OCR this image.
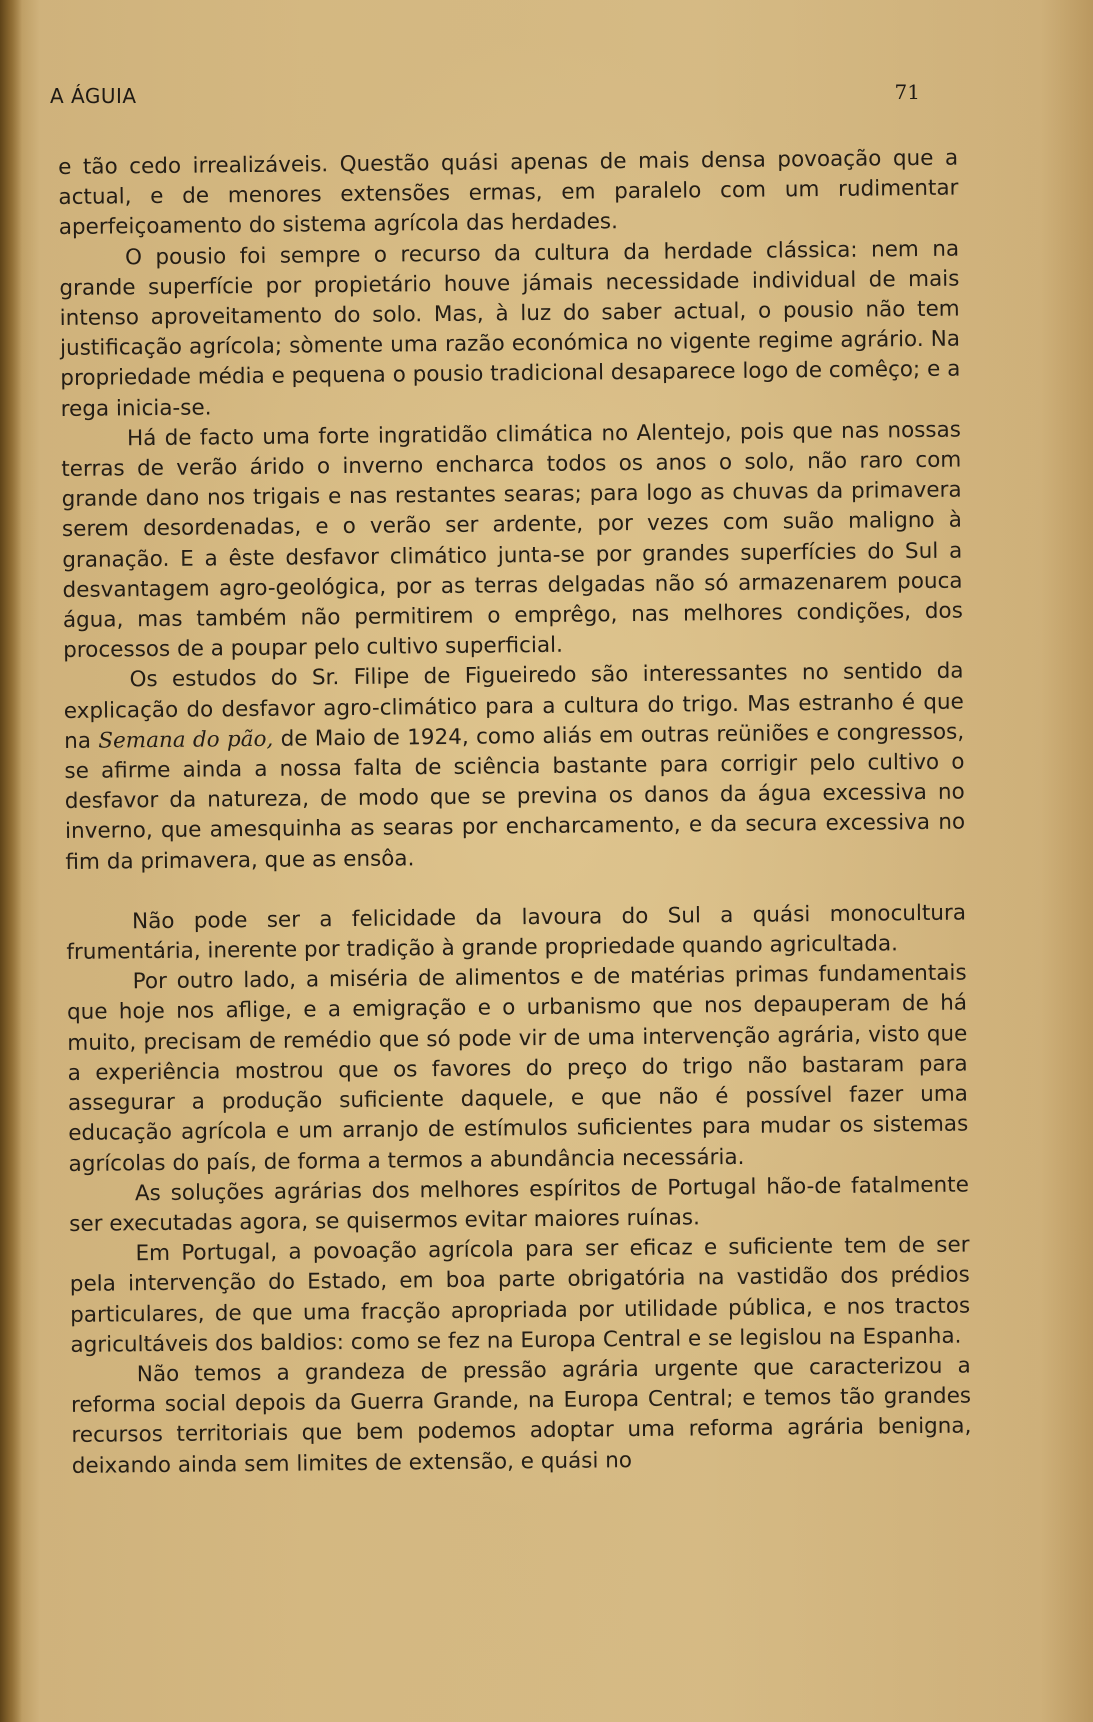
A ÁGUIA	71

e tão cedo irrealizáveis. Questão quási apenas de mais densa povoação que a actual, e de menores extensões ermas, em paralelo com um rudimentar aperfeiçoamento do sistema agrícola das herdades.

O pousio foi sempre o recurso da cultura da herdade clássica: nem na grande superfície por propietário houve jámais necessidade individual de mais intenso aproveitamento do solo. Mas, à luz do saber actual, o pousio não tem justificação agrícola; sòmente uma razão económica no vigente regime agrário. Na propriedade média e pequena o pousio tradicional desaparece logo de comêço; e a rega inicia-se.

Há de facto uma forte ingratidão climática no Alentejo, pois que nas nossas terras de verão árido o inverno encharca todos os anos o solo, não raro com grande dano nos trigais e nas restantes searas; para logo as chuvas da primavera serem desordenadas, e o verão ser ardente, por vezes com suão maligno à granação. E a êste desfavor climático junta-se por grandes superfícies do Sul a desvantagem agro-geológica, por as terras delgadas não só armazenarem pouca água, mas também não permitirem o emprêgo, nas melhores condições, dos processos de a poupar pelo cultivo superficial.

Os estudos do Sr. Filipe de Figueiredo são interessantes no sentido da explicação do desfavor agro-climático para a cultura do trigo. Mas estranho é que na Semana do pão, de Maio de 1924, como aliás em outras reüniões e congressos, se afirme ainda a nossa falta de sciência bastante para corrigir pelo cultivo o desfavor da natureza, de modo que se previna os danos da água excessiva no inverno, que amesquinha as searas por encharcamento, e da secura excessiva no fim da primavera, que as ensôa.

Não pode ser a felicidade da lavoura do Sul a quási monocultura frumentária, inerente por tradição à grande propriedade quando agricultada.

Por outro lado, a miséria de alimentos e de matérias primas fundamentais que hoje nos aflige, e a emigração e o urbanismo que nos depauperam de há muito, precisam de remédio que só pode vir de uma intervenção agrária, visto que a experiência mostrou que os favores do preço do trigo não bastaram para assegurar a produção suficiente daquele, e que não é possível fazer uma educação agrícola e um arranjo de estímulos suficientes para mudar os sistemas agrícolas do país, de forma a termos a abundância necessária.

As soluções agrárias dos melhores espíritos de Portugal hão-de fatalmente ser executadas agora, se quisermos evitar maiores ruínas.

Em Portugal, a povoação agrícola para ser eficaz e suficiente tem de ser pela intervenção do Estado, em boa parte obrigatória na vastidão dos prédios particulares, de que uma fracção apropriada por utilidade pública, e nos tractos agricultáveis dos baldios: como se fez na Europa Central e se legislou na Espanha.

Não temos a grandeza de pressão agrária urgente que caracterizou a reforma social depois da Guerra Grande, na Europa Central; e temos tão grandes recursos territoriais que bem podemos adoptar uma reforma agrária benigna, deixando ainda sem limites de extensão, e quási no
